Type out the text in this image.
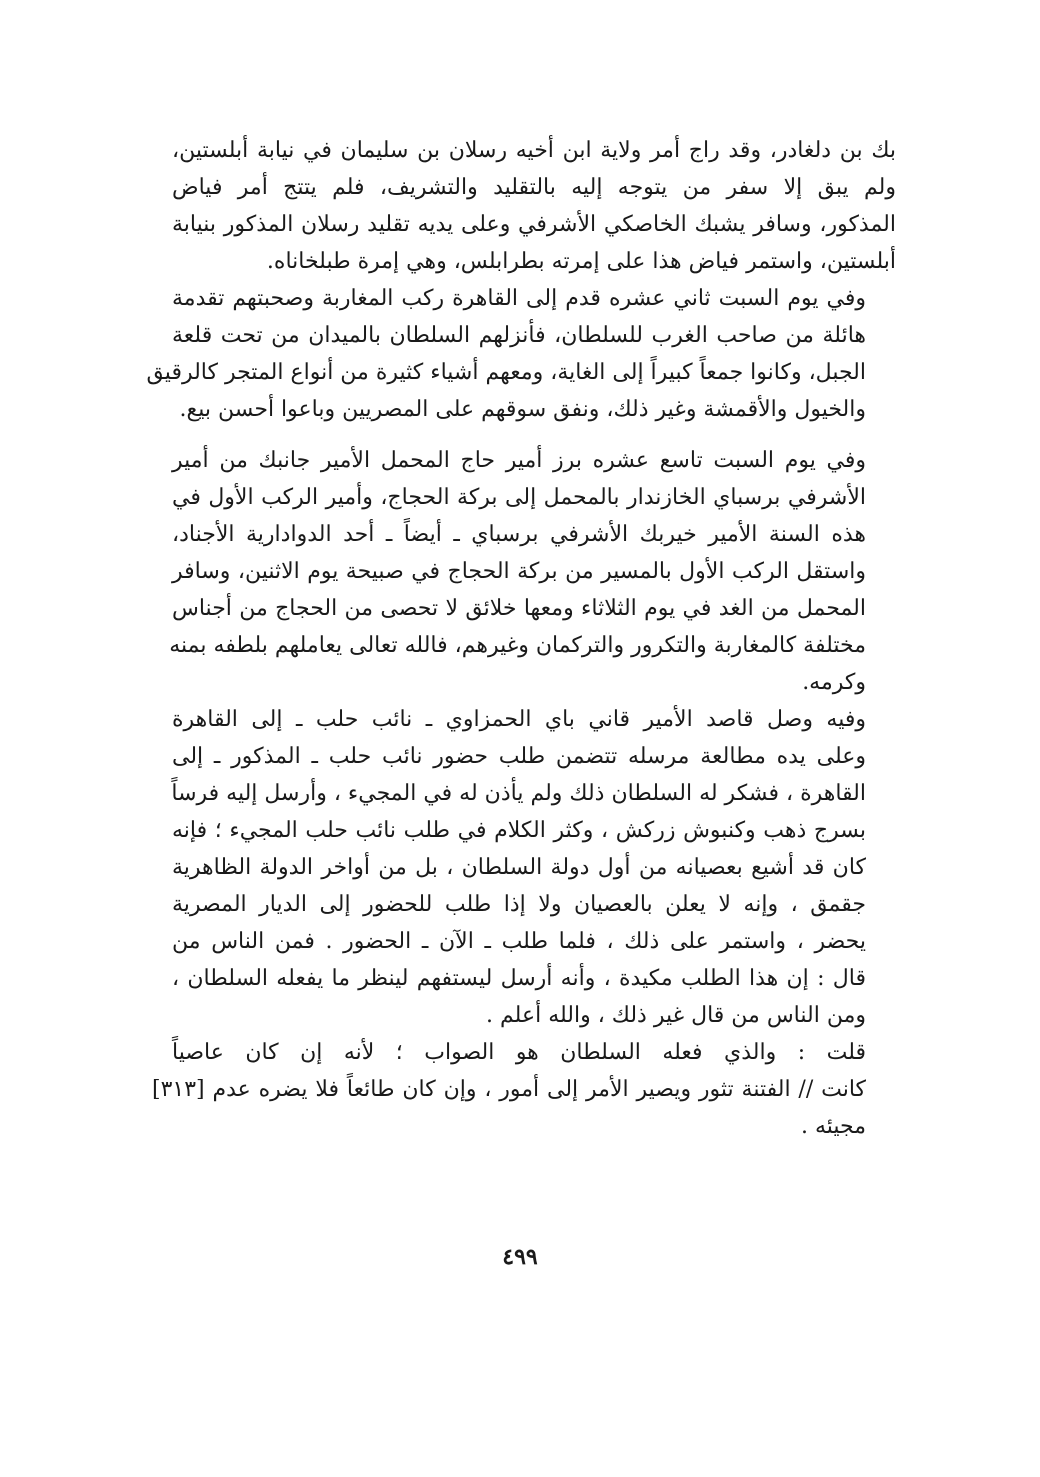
بك بن دلغادر، وقد راج أمر ولاية ابن أخيه رسلان بن سليمان في نيابة أبلستين،
ولم يبق إلا سفر من يتوجه إليه بالتقليد والتشريف، فلم يتتج أمر فياض
المذكور، وسافر يشبك الخاصكي الأشرفي وعلى يديه تقليد رسلان المذكور بنيابة
أبلستين، واستمر فياض هذا على إمرته بطرابلس، وهي إمرة طبلخاناه.

وفي يوم السبت ثاني عشره قدم إلى القاهرة ركب المغاربة وصحبتهم تقدمة
هائلة من صاحب الغرب للسلطان، فأنزلهم السلطان بالميدان من تحت قلعة
الجبل، وكانوا جمعاً كبيراً إلى الغاية، ومعهم أشياء كثيرة من أنواع المتجر كالرقيق
والخيول والأقمشة وغير ذلك، ونفق سوقهم على المصريين وباعوا أحسن بيع.

وفي يوم السبت تاسع عشره برز أمير حاج المحمل الأمير جانبك من أمير
الأشرفي برسباي الخازندار بالمحمل إلى بركة الحجاج، وأمير الركب الأول في
هذه السنة الأمير خيربك الأشرفي برسباي ـ أيضاً ـ أحد الدوادارية الأجناد،
واستقل الركب الأول بالمسير من بركة الحجاج في صبيحة يوم الاثنين، وسافر
المحمل من الغد في يوم الثلاثاء ومعها خلائق لا تحصى من الحجاج من أجناس
مختلفة كالمغاربة والتكرور والتركمان وغيرهم، فالله تعالى يعاملهم بلطفه بمنه
وكرمه.

وفيه وصل قاصد الأمير قاني باي الحمزاوي ـ نائب حلب ـ إلى القاهرة
وعلى يده مطالعة مرسله تتضمن طلب حضور نائب حلب ـ المذكور ـ إلى
القاهرة ، فشكر له السلطان ذلك ولم يأذن له في المجيء ، وأرسل إليه فرساً
بسرج ذهب وكنبوش زركش ، وكثر الكلام في طلب نائب حلب المجيء ؛ فإنه
كان قد أشيع بعصيانه من أول دولة السلطان ، بل من أواخر الدولة الظاهرية
جقمق ، وإنه لا يعلن بالعصيان ولا إذا طلب للحضور إلى الديار المصرية
يحضر ، واستمر على ذلك ، فلما طلب ـ الآن ـ الحضور . فمن الناس من
قال : إن هذا الطلب مكيدة ، وأنه أرسل ليستفهم لينظر ما يفعله السلطان ،
ومن الناس من قال غير ذلك ، والله أعلم .

قلت : والذي فعله السلطان هو الصواب ؛ لأنه إن كان عاصياً
كانت // الفتنة تثور ويصير الأمر إلى أمور ، وإن كان طائعاً فلا يضره عدم [٣١٣]
مجيئه .

٤٩٩
